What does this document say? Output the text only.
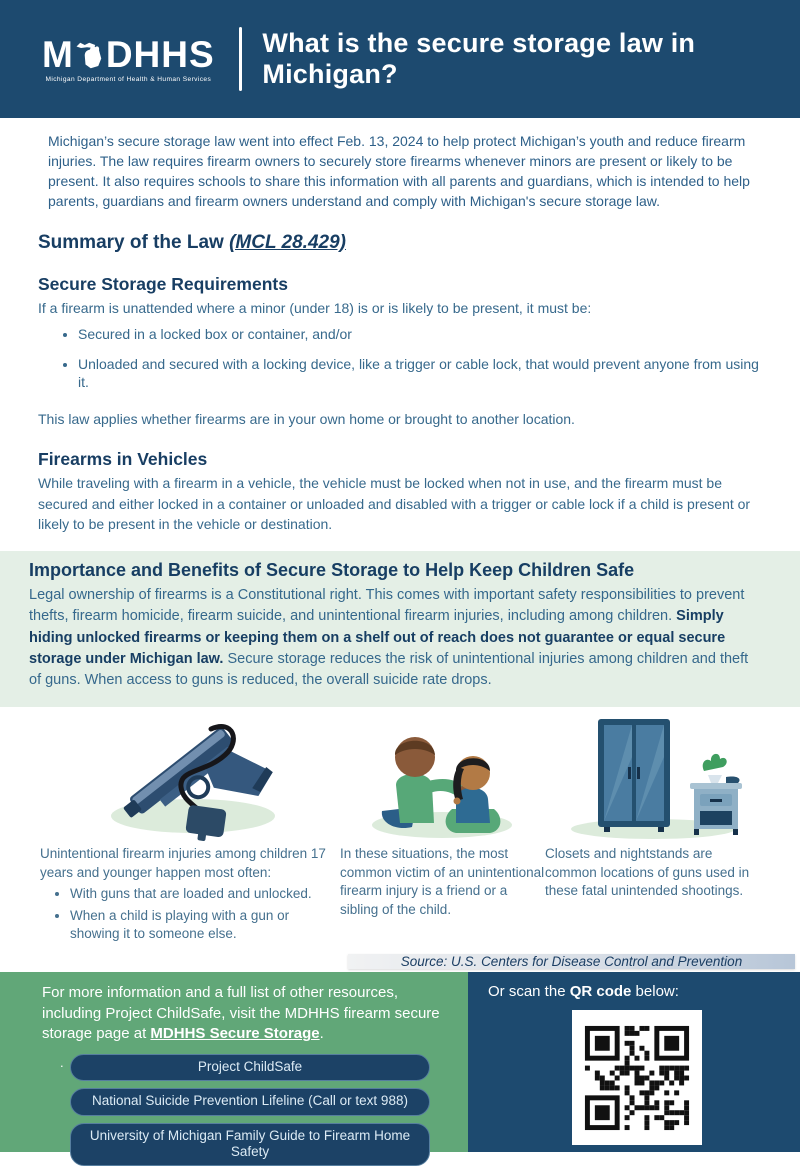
M DHHS
Michigan Department of Health & Human Services
What is the secure storage law in Michigan?

Michigan’s secure storage law went into effect Feb. 13, 2024 to help protect Michigan’s youth and reduce firearm injuries. The law requires firearm owners to securely store firearms whenever minors are present or likely to be present. It also requires schools to share this information with all parents and guardians, which is intended to help parents, guardians and firearm owners understand and comply with Michigan's secure storage law.

Summary of the Law (MCL 28.429)
Secure Storage Requirements

If a firearm is unattended where a minor (under 18) is or is likely to be present, it must be:

• Secured in a locked box or container, and/or
• Unloaded and secured with a locking device, like a trigger or cable lock, that would prevent anyone from using it.

This law applies whether firearms are in your own home or brought to another location.

Firearms in Vehicles

While traveling with a firearm in a vehicle, the vehicle must be locked when not in use, and the firearm must be secured and either locked in a container or unloaded and disabled with a trigger or cable lock if a child is present or likely to be present in the vehicle or destination.

Importance and Benefits of Secure Storage to Help Keep Children Safe

Legal ownership of firearms is a Constitutional right. This comes with important safety responsibilities to prevent thefts, firearm homicide, firearm suicide, and unintentional firearm injuries, including among children. Simply hiding unlocked firearms or keeping them on a shelf out of reach does not guarantee or equal secure storage under Michigan law. Secure storage reduces the risk of unintentional injuries among children and theft of guns. When access to guns is reduced, the overall suicide rate drops.

Unintentional firearm injuries among children 17 years and younger happen most often:
• With guns that are loaded and unlocked.
• When a child is playing with a gun or showing it to someone else.
In these situations, the most common victim of an unintentional firearm injury is a friend or a sibling of the child.
Closets and nightstands are common locations of guns used in these fatal unintended shootings.
Source: U.S. Centers for Disease Control and Prevention

For more information and a full list of other resources, including Project ChildSafe, visit the MDHHS firearm secure storage page at MDHHS Secure Storage.

.	Project ChildSafe
National Suicide Prevention Lifeline (Call or text 988)
University of Michigan Family Guide to Firearm Home Safety

Or scan the QR code below:
